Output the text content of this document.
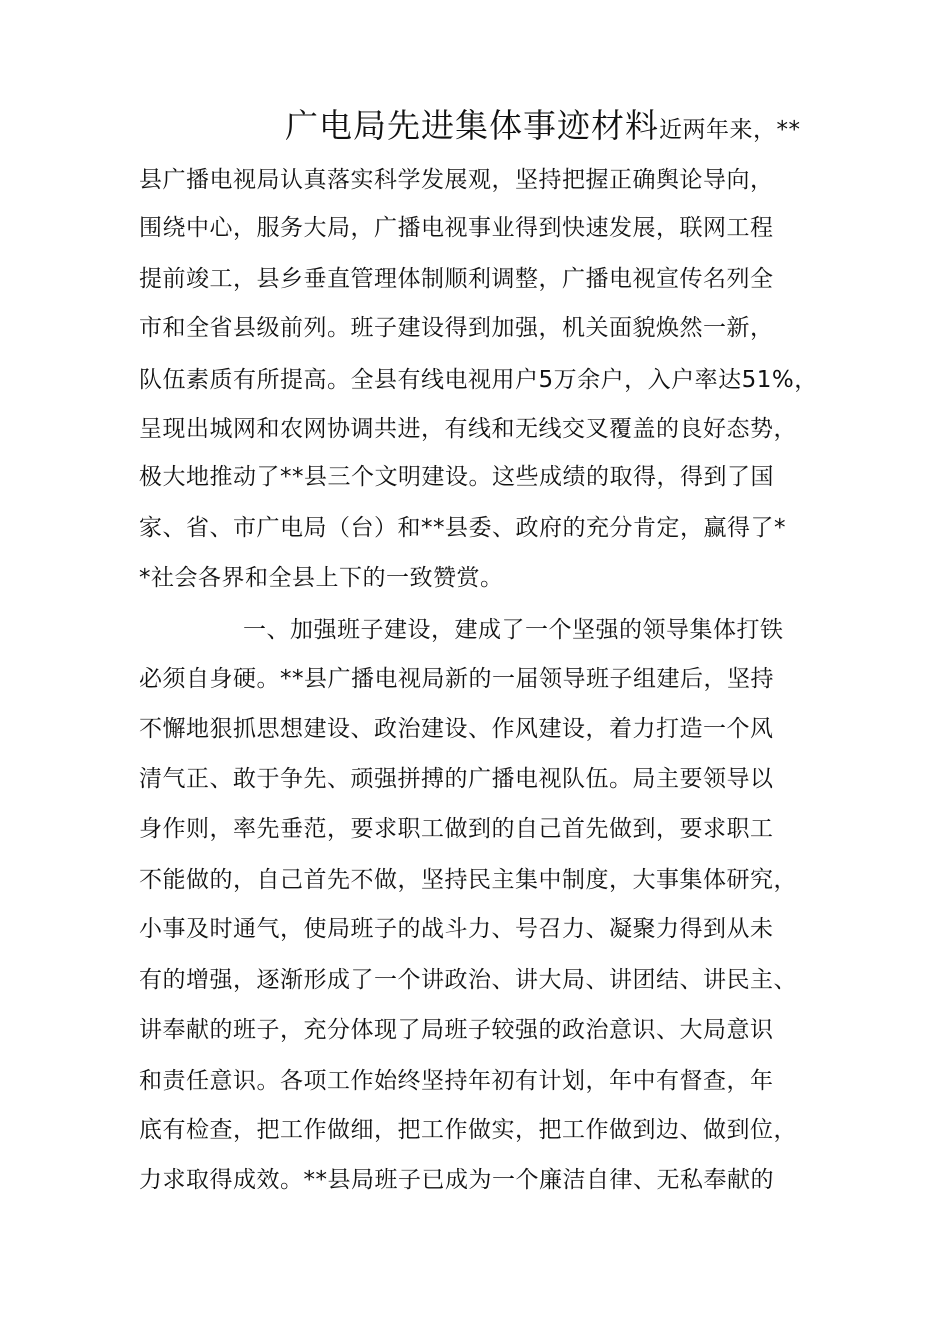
广电局先进集体事迹材料近两年来，**
县广播电视局认真落实科学发展观，坚持把握正确舆论导向，
围绕中心，服务大局，广播电视事业得到快速发展，联网工程
提前竣工，县乡垂直管理体制顺利调整，广播电视宣传名列全
市和全省县级前列。班子建设得到加强，机关面貌焕然一新，
队伍素质有所提高。全县有线电视用户5万余户，入户率达51%，
呈现出城网和农网协调共进，有线和无线交叉覆盖的良好态势，
极大地推动了**县三个文明建设。这些成绩的取得，得到了国
家、省、市广电局（台）和**县委、政府的充分肯定，赢得了*
*社会各界和全县上下的一致赞赏。
一、加强班子建设，建成了一个坚强的领导集体打铁
必须自身硬。**县广播电视局新的一届领导班子组建后，坚持
不懈地狠抓思想建设、政治建设、作风建设，着力打造一个风
清气正、敢于争先、顽强拼搏的广播电视队伍。局主要领导以
身作则，率先垂范，要求职工做到的自己首先做到，要求职工
不能做的，自己首先不做，坚持民主集中制度，大事集体研究，
小事及时通气，使局班子的战斗力、号召力、凝聚力得到从未
有的增强，逐渐形成了一个讲政治、讲大局、讲团结、讲民主、
讲奉献的班子，充分体现了局班子较强的政治意识、大局意识
和责任意识。各项工作始终坚持年初有计划，年中有督查，年
底有检查，把工作做细，把工作做实，把工作做到边、做到位，
力求取得成效。**县局班子已成为一个廉洁自律、无私奉献的
